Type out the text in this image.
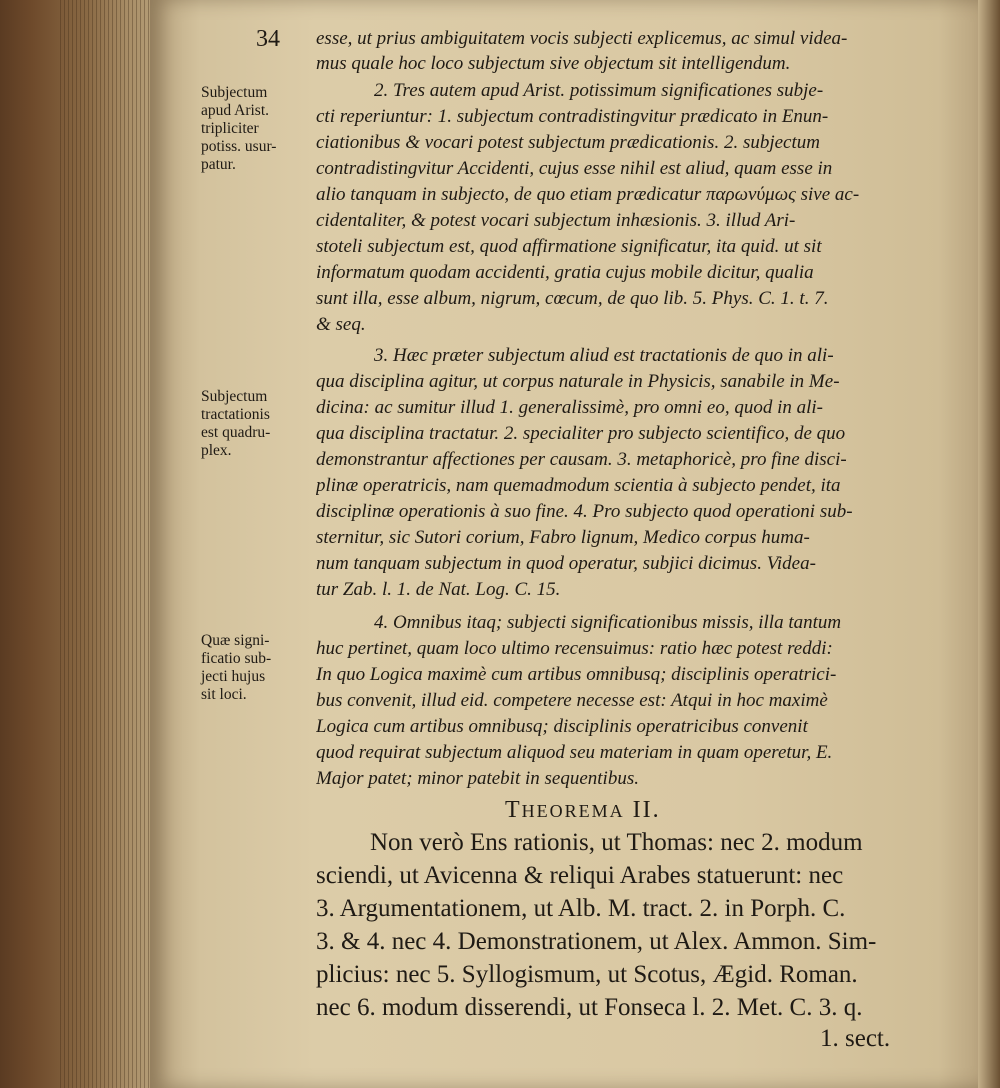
34
Subjectum
apud Arist.
tripliciter
potiss. usur-
patur.
Subjectum
tractationis
est quadru-
plex.
Quæ signi-
ficatio sub-
jecti hujus
sit loci.
esse, ut prius ambiguitatem vocis subjecti explicemus, ac simul videa-
mus quale hoc loco subjectum sive objectum sit intelligendum.
2. Tres autem apud Arist. potissimum significationes subje-
cti reperiuntur: 1. subjectum contradistingvitur prædicato in Enun-
ciationibus & vocari potest subjectum prædicationis. 2. subjectum
contradistingvitur Accidenti, cujus esse nihil est aliud, quam esse in
alio tanquam in subjecto, de quo etiam prædicatur παρωνύμως sive ac-
cidentaliter, & potest vocari subjectum inhæsionis. 3. illud Ari-
stoteli subjectum est, quod affirmatione significatur, ita quid. ut sit
informatum quodam accidenti, gratia cujus mobile dicitur, qualia
sunt illa, esse album, nigrum, cœcum, de quo lib. 5. Phys. C. 1. t. 7.
& seq.
3. Hæc præter subjectum aliud est tractationis de quo in ali-
qua disciplina agitur, ut corpus naturale in Physicis, sanabile in Me-
dicina: ac sumitur illud 1. generalissimè, pro omni eo, quod in ali-
qua disciplina tractatur. 2. specialiter pro subjecto scientifico, de quo
demonstrantur affectiones per causam. 3. metaphoricè, pro fine disci-
plinæ operatricis, nam quemadmodum scientia à subjecto pendet, ita
disciplinæ operationis à suo fine. 4. Pro subjecto quod operationi sub-
sternitur, sic Sutori corium, Fabro lignum, Medico corpus huma-
num tanquam subjectum in quod operatur, subjici dicimus. Videa-
tur Zab. l. 1. de Nat. Log. C. 15.
4. Omnibus itaq; subjecti significationibus missis, illa tantum
huc pertinet, quam loco ultimo recensuimus: ratio hæc potest reddi:
In quo Logica maximè cum artibus omnibusq; disciplinis operatrici-
bus convenit, illud eid. competere necesse est: Atqui in hoc maximè
Logica cum artibus omnibusq; disciplinis operatricibus convenit
quod requirat subjectum aliquod seu materiam in quam operetur, E.
Major patet; minor patebit in sequentibus.
THEOREMA II.
Non verò Ens rationis, ut Thomas: nec 2. modum
sciendi, ut Avicenna & reliqui Arabes statuerunt: nec
3. Argumentationem, ut Alb. M. tract. 2. in Porph. C.
3. & 4. nec 4. Demonstrationem, ut Alex. Ammon. Sim-
plicius: nec 5. Syllogismum, ut Scotus, Ægid. Roman.
nec 6. modum disserendi, ut Fonseca l. 2. Met. C. 3. q.
1. sect.
